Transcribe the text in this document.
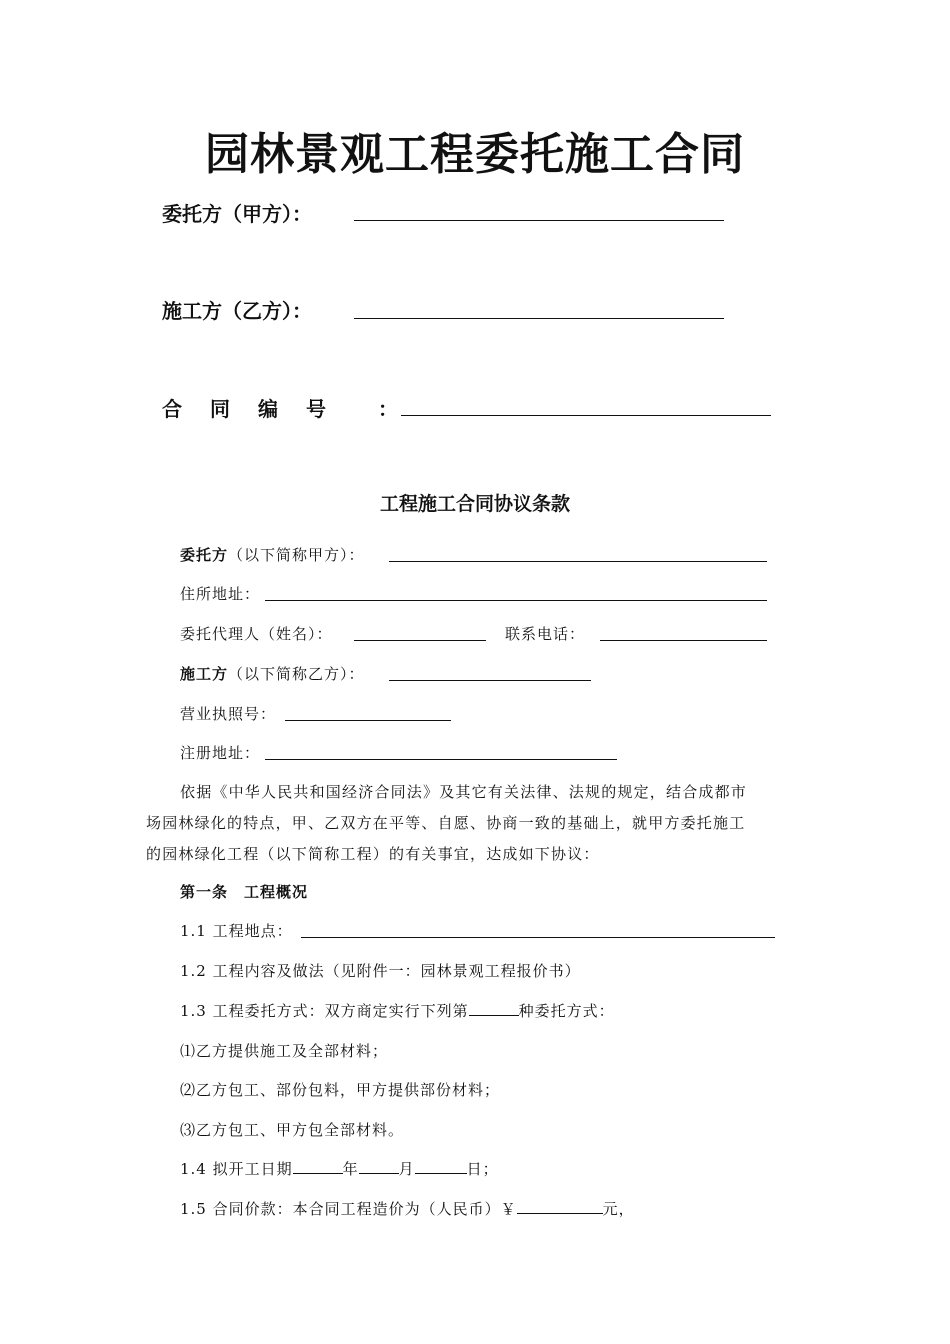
园林景观工程委托施工合同
委托方（甲方）：
施工方（乙方）：
合 同 编 号	：
工程施工合同协议条款
委托方（以下简称甲方）：
住所地址：
委托代理人（姓名）：	联系电话：
施工方（以下简称乙方）：
营业执照号：
注册地址：
依据《中华人民共和国经济合同法》及其它有关法律、法规的规定，结合成都市
场园林绿化的特点，甲、乙双方在平等、自愿、协商一致的基础上，就甲方委托施工
的园林绿化工程（以下简称工程）的有关事宜，达成如下协议：
第一条　工程概况
1.1 工程地点：
1.2 工程内容及做法（见附件一：园林景观工程报价书）
1.3 工程委托方式：双方商定实行下列第	种委托方式：
⑴乙方提供施工及全部材料；
⑵乙方包工、部份包料，甲方提供部份材料；
⑶乙方包工、甲方包全部材料。
1.4 拟开工日期	年	月	日；
1.5 合同价款：本合同工程造价为（人民币）￥	元，
